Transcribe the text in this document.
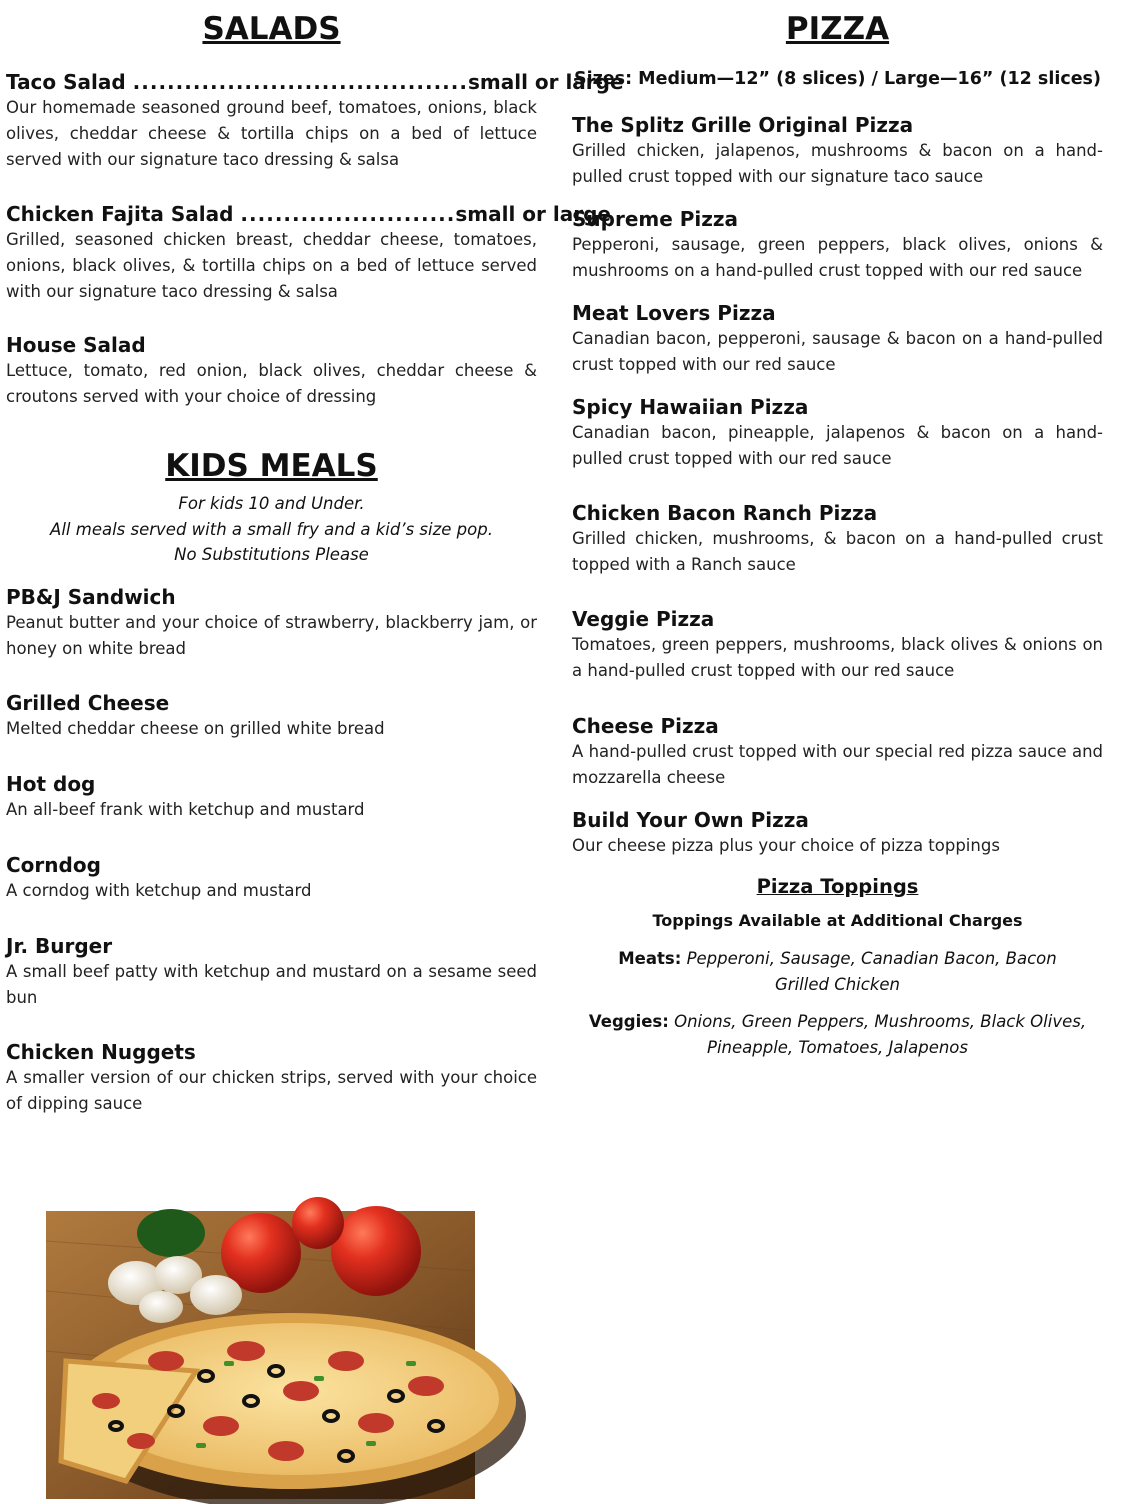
SALADS
Taco Salad
....................................... small or large

Our homemade seasoned ground beef, tomatoes, onions, black olives, cheddar cheese & tortilla chips on a bed of lettuce served with our signature taco dressing & salsa

Chicken Fajita Salad
......................... small or large

Grilled, seasoned chicken breast, cheddar cheese, tomatoes, onions, black olives, & tortilla chips on a bed of lettuce served with our signature taco dressing & salsa

House Salad

Lettuce, tomato, red onion, black olives, cheddar cheese & croutons served with your choice of dressing

KIDS MEALS

For kids 10 and Under.

All meals served with a small fry and a kid’s size pop.

No Substitutions Please

PB&J Sandwich

Peanut butter and your choice of strawberry, blackberry jam, or honey on white bread

Grilled Cheese

Melted cheddar cheese on grilled white bread

Hot dog

An all-beef frank with ketchup and mustard

Corndog

A corndog with ketchup and mustard

Jr. Burger

A small beef patty with ketchup and mustard on a sesame seed bun

Chicken Nuggets

A smaller version of our chicken strips, served with your choice of dipping sauce

PIZZA
Sizes: Medium—12” (8 slices) / Large—16” (12 slices)
The Splitz Grille Original Pizza

Grilled chicken, jalapenos, mushrooms & bacon on a hand-pulled crust topped with our signature taco sauce

Supreme Pizza

Pepperoni, sausage, green peppers, black olives, onions & mushrooms on a hand-pulled crust topped with our red sauce

Meat Lovers Pizza

Canadian bacon, pepperoni, sausage & bacon on a hand-pulled crust topped with our red sauce

Spicy Hawaiian Pizza

Canadian bacon, pineapple, jalapenos & bacon on a hand-pulled crust topped with our red sauce

Chicken Bacon Ranch Pizza

Grilled chicken, mushrooms, & bacon on a hand-pulled crust topped with a Ranch sauce

Veggie Pizza

Tomatoes, green peppers, mushrooms, black olives & onions on a hand-pulled crust topped with our red sauce

Cheese Pizza

A hand-pulled crust topped with our special red pizza sauce and mozzarella cheese

Build Your Own Pizza

Our cheese pizza plus your choice of pizza toppings

Pizza Toppings
Toppings Available at Additional Charges
Meats: Pepperoni, Sausage, Canadian Bacon, Bacon
Grilled Chicken
Veggies: Onions, Green Peppers, Mushrooms, Black Olives,
Pineapple, Tomatoes, Jalapenos
